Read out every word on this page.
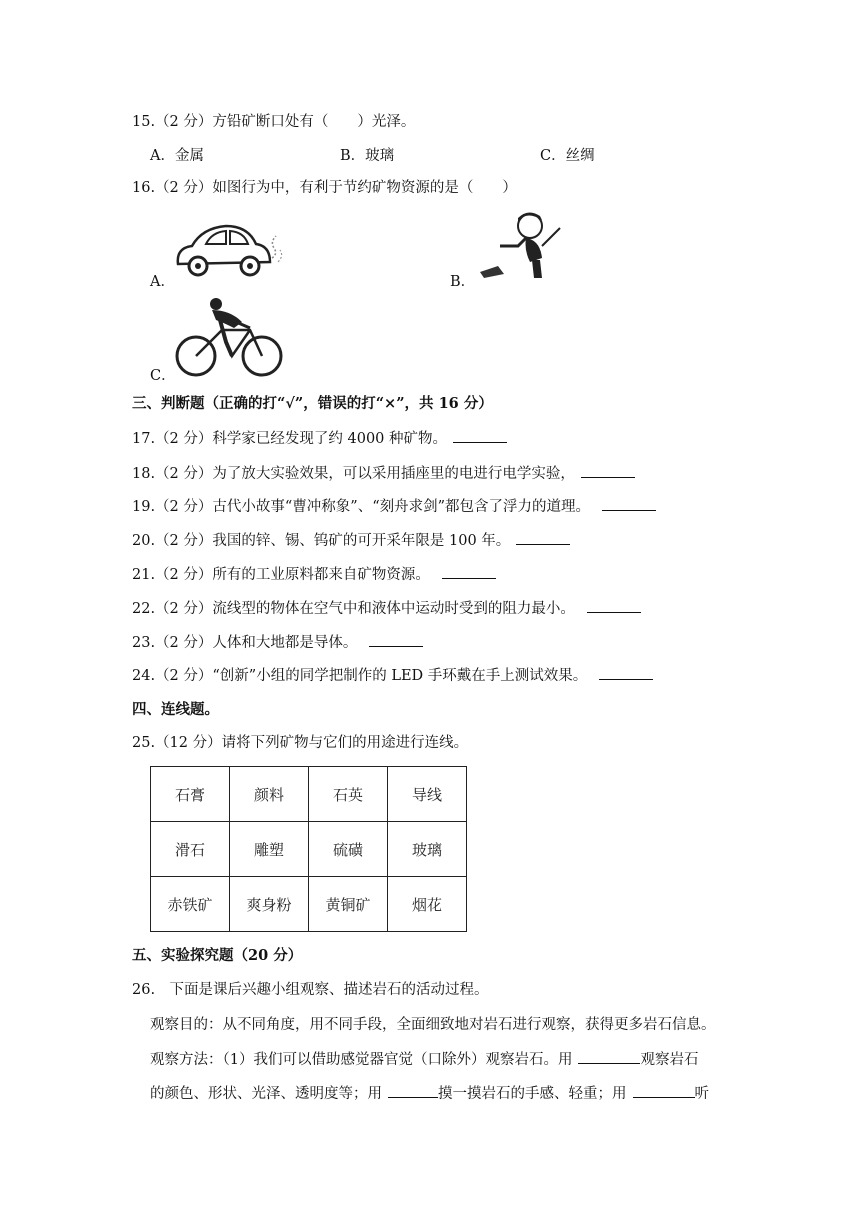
15.（2 分）方铅矿断口处有（　　）光泽。
A．金属	B．玻璃	C．丝绸
16.（2 分）如图行为中，有利于节约矿物资源的是（　　）
A．	B．
C．
三、判断题（正确的打“√”，错误的打“×”，共 16 分）
17.（2 分）科学家已经发现了约 4000 种矿物。
18.（2 分）为了放大实验效果，可以采用插座里的电进行电学实验，
19.（2 分）古代小故事“曹冲称象”、“刻舟求剑”都包含了浮力的道理。
20.（2 分）我国的锌、锡、钨矿的可开采年限是 100 年。
21.（2 分）所有的工业原料都来自矿物资源。
22.（2 分）流线型的物体在空气中和液体中运动时受到的阻力最小。
23.（2 分）人体和大地都是导体。
24.（2 分）“创新”小组的同学把制作的 LED 手环戴在手上测试效果。
四、连线题。
25.（12 分）请将下列矿物与它们的用途进行连线。
石膏	颜料	石英	导线
滑石	雕塑	硫磺	玻璃
赤铁矿	爽身粉	黄铜矿	烟花
五、实验探究题（20 分）
26.　下面是课后兴趣小组观察、描述岩石的活动过程。
观察目的：从不同角度，用不同手段，全面细致地对岩石进行观察，获得更多岩石信息。
观察方法：（1）我们可以借助感觉器官觉（口除外）观察岩石。用	观察岩石
的颜色、形状、光泽、透明度等；用	摸一摸岩石的手感、轻重；用	听
